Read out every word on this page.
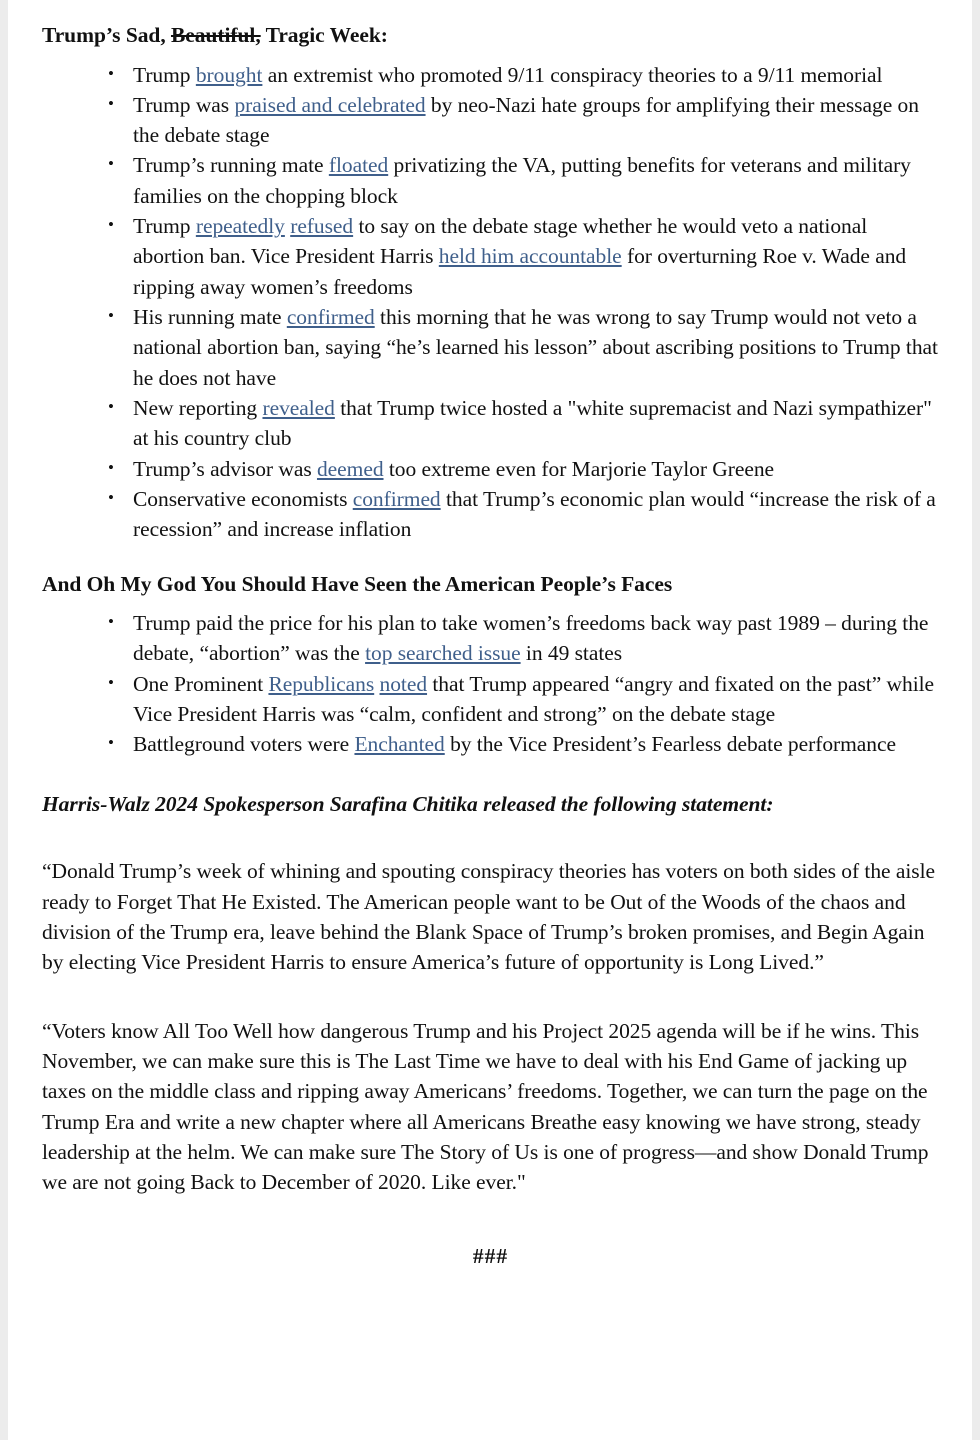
Trump’s Sad, Beautiful, Tragic Week:
• Trump brought an extremist who promoted 9/11 conspiracy theories to a 9/11 memorial
• Trump was praised and celebrated by neo-Nazi hate groups for amplifying their message on the debate stage
• Trump’s running mate floated privatizing the VA, putting benefits for veterans and military families on the chopping block
• Trump repeatedly refused to say on the debate stage whether he would veto a national abortion ban. Vice President Harris held him accountable for overturning Roe v. Wade and ripping away women’s freedoms
• His running mate confirmed this morning that he was wrong to say Trump would not veto a national abortion ban, saying “he’s learned his lesson” about ascribing positions to Trump that he does not have
• New reporting revealed that Trump twice hosted a "white supremacist and Nazi sympathizer" at his country club
• Trump’s advisor was deemed too extreme even for Marjorie Taylor Greene
• Conservative economists confirmed that Trump’s economic plan would “increase the risk of a recession” and increase inflation
And Oh My God You Should Have Seen the American People’s Faces
• Trump paid the price for his plan to take women’s freedoms back way past 1989 – during the debate, “abortion” was the top searched issue in 49 states
• One Prominent Republicans noted that Trump appeared “angry and fixated on the past” while Vice President Harris was “calm, confident and strong” on the debate stage
• Battleground voters were Enchanted by the Vice President’s Fearless debate performance
Harris-Walz 2024 Spokesperson Sarafina Chitika released the following statement:

“Donald Trump’s week of whining and spouting conspiracy theories has voters on both sides of the aisle ready to Forget That He Existed. The American people want to be Out of the Woods of the chaos and division of the Trump era, leave behind the Blank Space of Trump’s broken promises, and Begin Again by electing Vice President Harris to ensure America’s future of opportunity is Long Lived.”

“Voters know All Too Well how dangerous Trump and his Project 2025 agenda will be if he wins. This November, we can make sure this is The Last Time we have to deal with his End Game of jacking up taxes on the middle class and ripping away Americans’ freedoms. Together, we can turn the page on the Trump Era and write a new chapter where all Americans Breathe easy knowing we have strong, steady leadership at the helm. We can make sure The Story of Us is one of progress—and show Donald Trump we are not going Back to December of 2020. Like ever."

###
